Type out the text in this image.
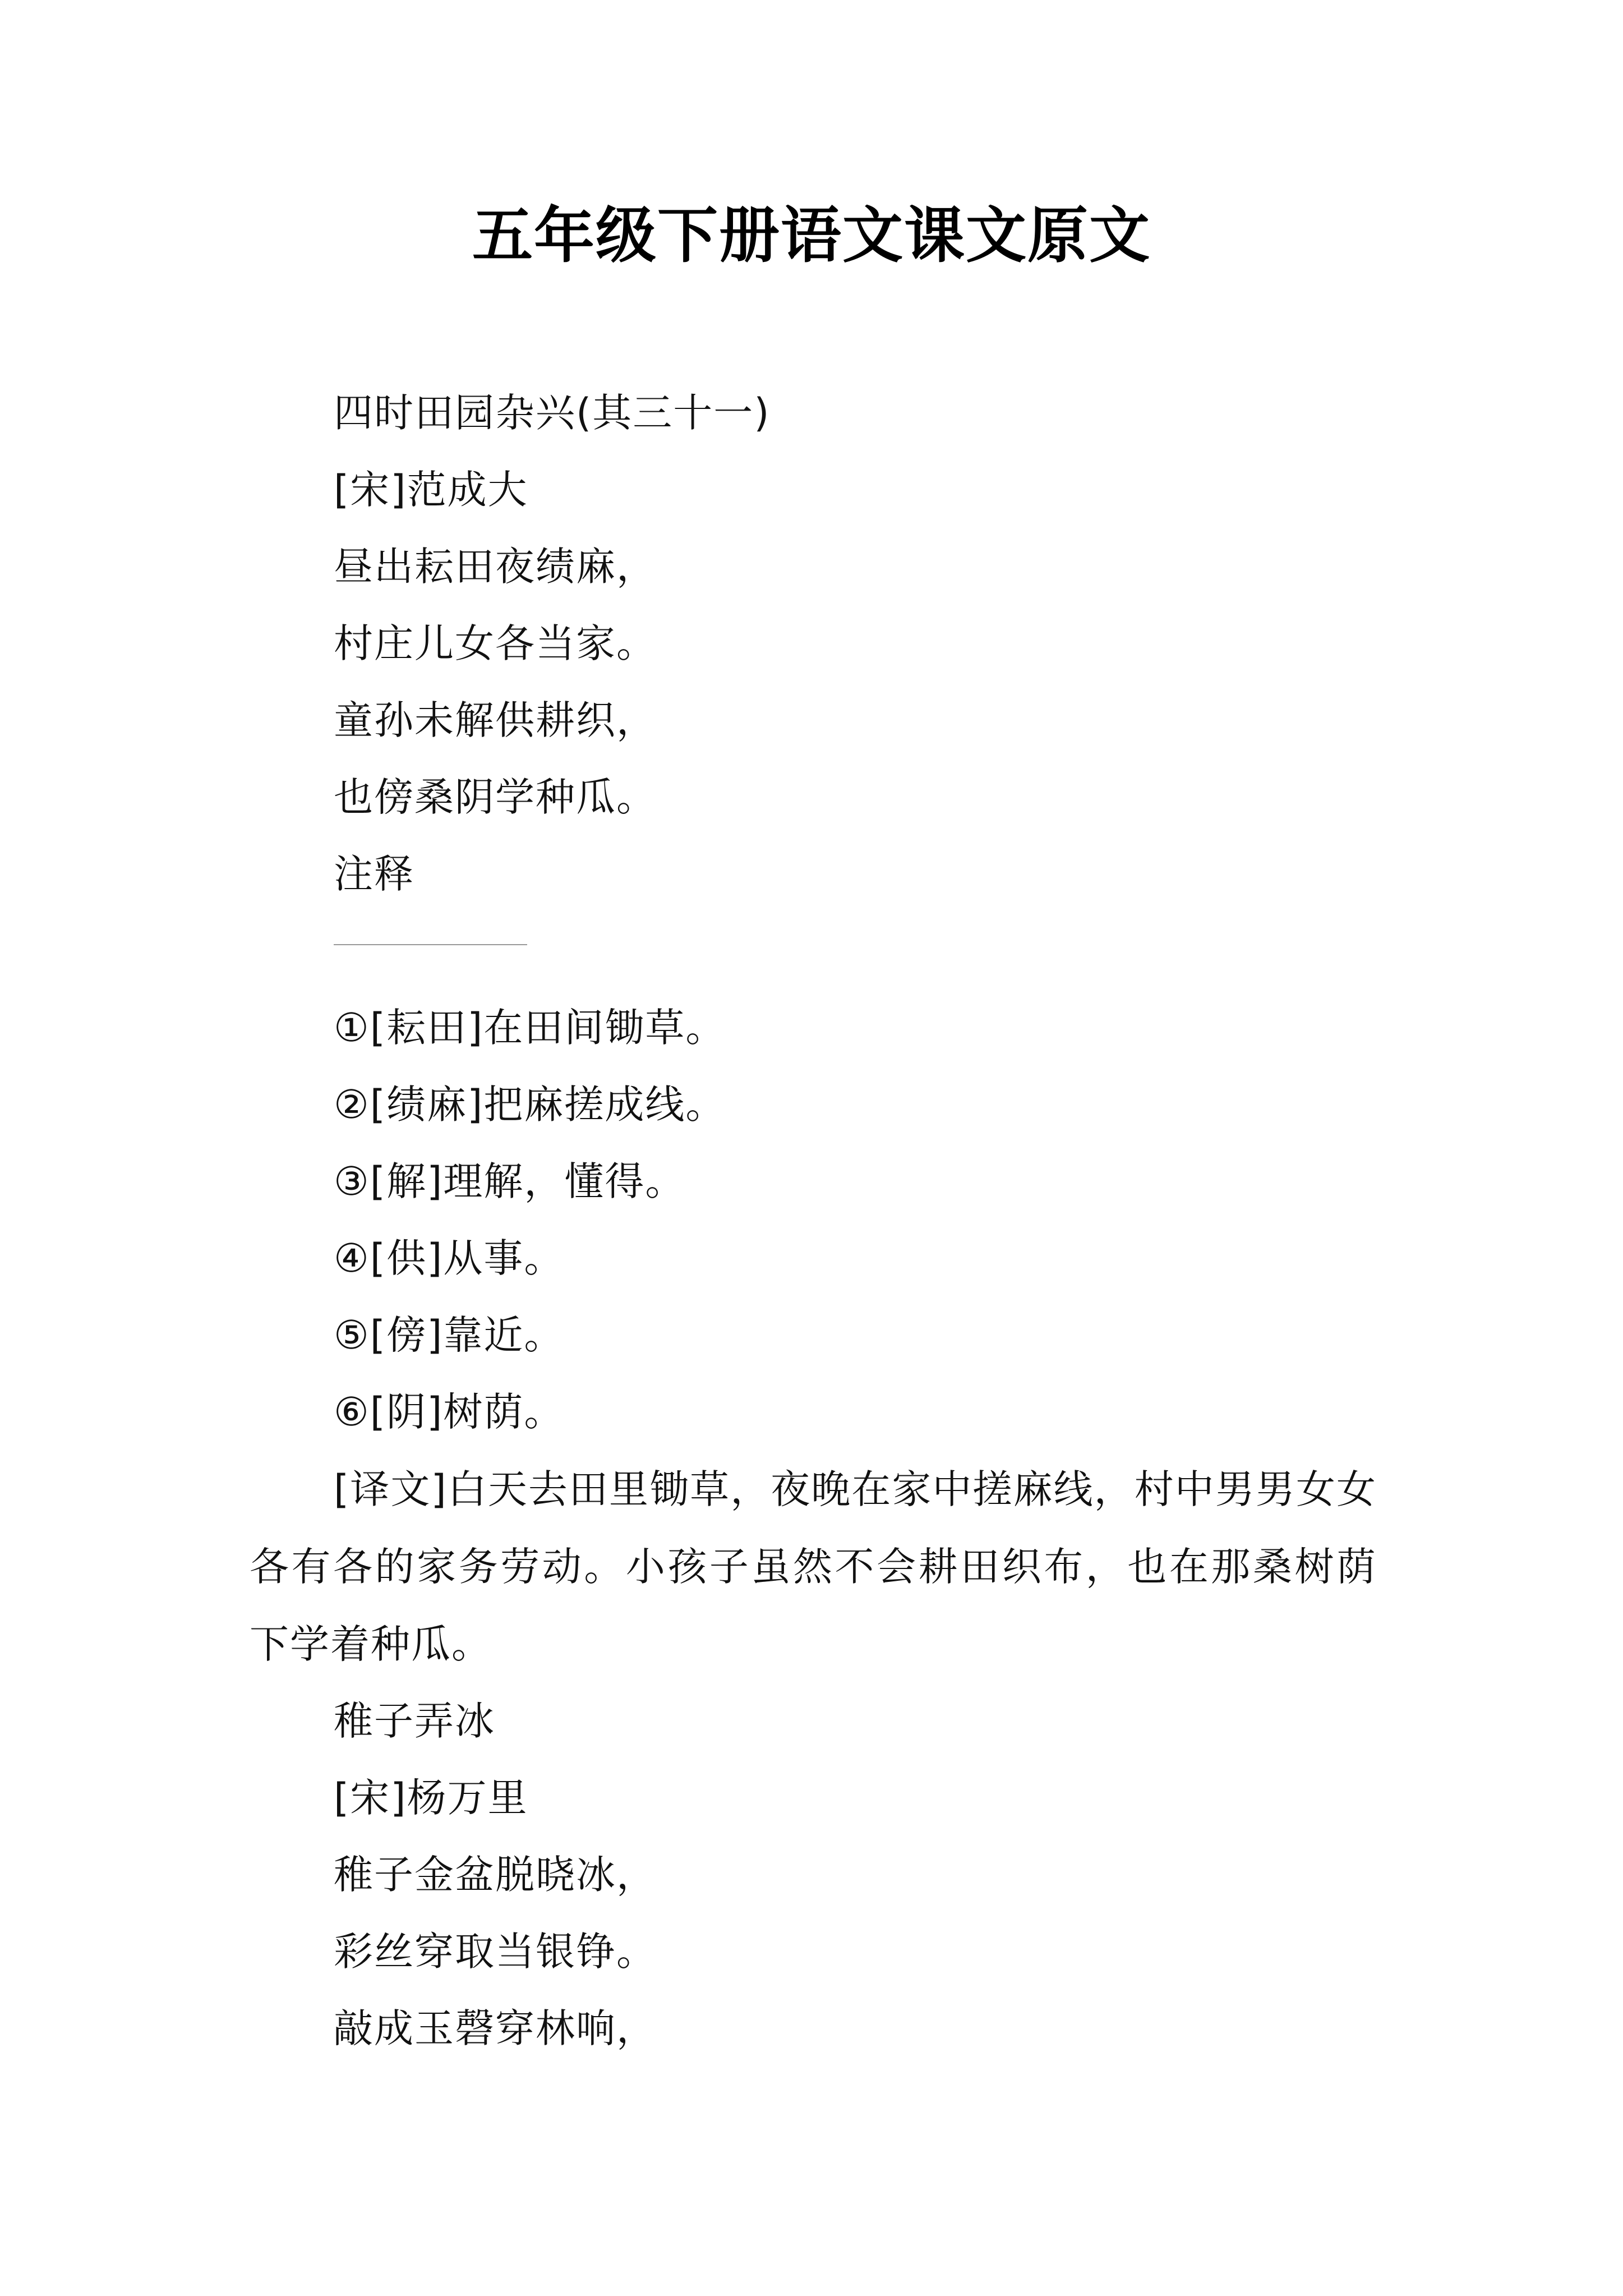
五年级下册语文课文原文
四时田园杂兴(其三十一)
[宋]范成大
昼出耘田夜绩麻，
村庄儿女各当家。
童孙未解供耕织，
也傍桑阴学种瓜。
注释
①[耘田]在田间锄草。
②[绩麻]把麻搓成线。
③[解]理解，懂得。
④[供]从事。
⑤[傍]靠近。
⑥[阴]树荫。
[译文]白天去田里锄草，夜晚在家中搓麻线，村中男男女女各有各的家务劳动。小孩子虽然不会耕田织布，也在那桑树荫下学着种瓜。
稚子弄冰
[宋]杨万里
稚子金盆脱晓冰，
彩丝穿取当银铮。
敲成玉磬穿林响，
